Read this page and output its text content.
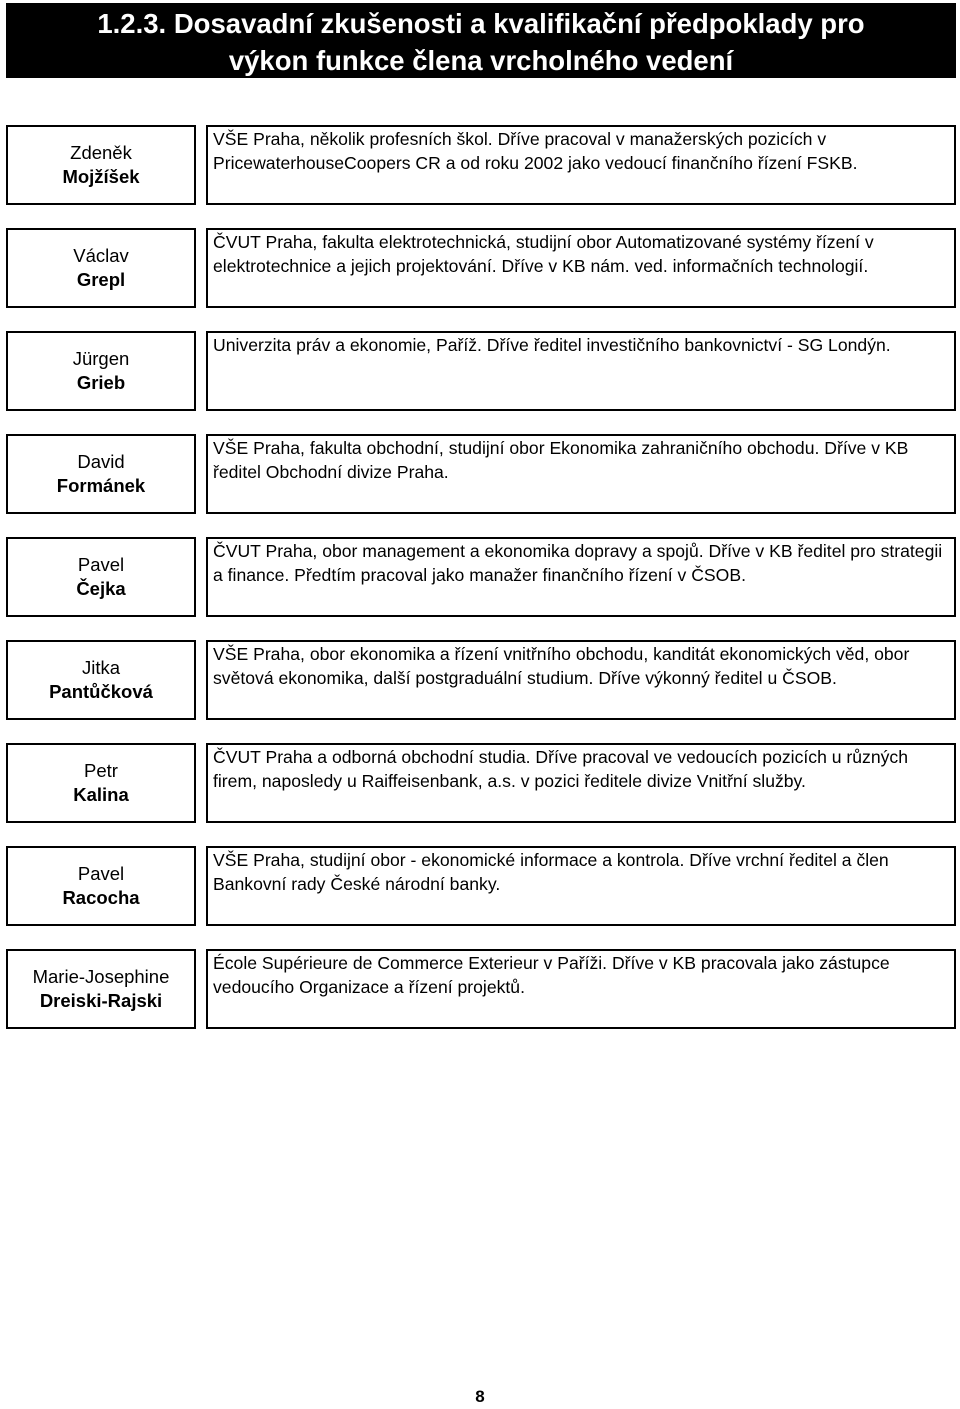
1.2.3. Dosavadní zkušenosti a kvalifikační předpoklady pro
výkon funkce člena vrcholného vedení
Zdeněk
Mojžíšek
VŠE Praha, několik profesních škol. Dříve pracoval v manažerských pozicích v PricewaterhouseCoopers CR a od roku 2002 jako vedoucí finančního řízení FSKB.
Václav
Grepl
ČVUT Praha, fakulta elektrotechnická, studijní obor Automatizované systémy řízení v elektrotechnice a jejich projektování. Dříve v KB nám. ved. informačních technologií.
Jürgen
Grieb
Univerzita práv a ekonomie, Paříž. Dříve ředitel investičního bankovnictví - SG Londýn.
David
Formánek
VŠE Praha, fakulta obchodní, studijní obor Ekonomika zahraničního obchodu. Dříve v KB ředitel Obchodní divize Praha.
Pavel
Čejka
ČVUT Praha, obor management a ekonomika dopravy a spojů. Dříve v KB ředitel pro strategii a finance. Předtím pracoval jako manažer finančního řízení v ČSOB.
Jitka
Pantůčková
VŠE Praha, obor ekonomika a řízení vnitřního obchodu, kanditát ekonomických věd, obor světová ekonomika, další postgraduální studium. Dříve výkonný ředitel u ČSOB.
Petr
Kalina
ČVUT Praha a odborná obchodní studia. Dříve pracoval ve vedoucích pozicích u různých firem, naposledy u Raiffeisenbank, a.s. v pozici ředitele divize Vnitřní služby.
Pavel
Racocha
VŠE Praha, studijní obor - ekonomické informace a kontrola. Dříve vrchní ředitel a člen Bankovní rady České národní banky.
Marie-Josephine
Dreiski-Rajski
École Supérieure de Commerce Exterieur v Paříži. Dříve v KB pracovala jako zástupce vedoucího Organizace a řízení projektů.
8
